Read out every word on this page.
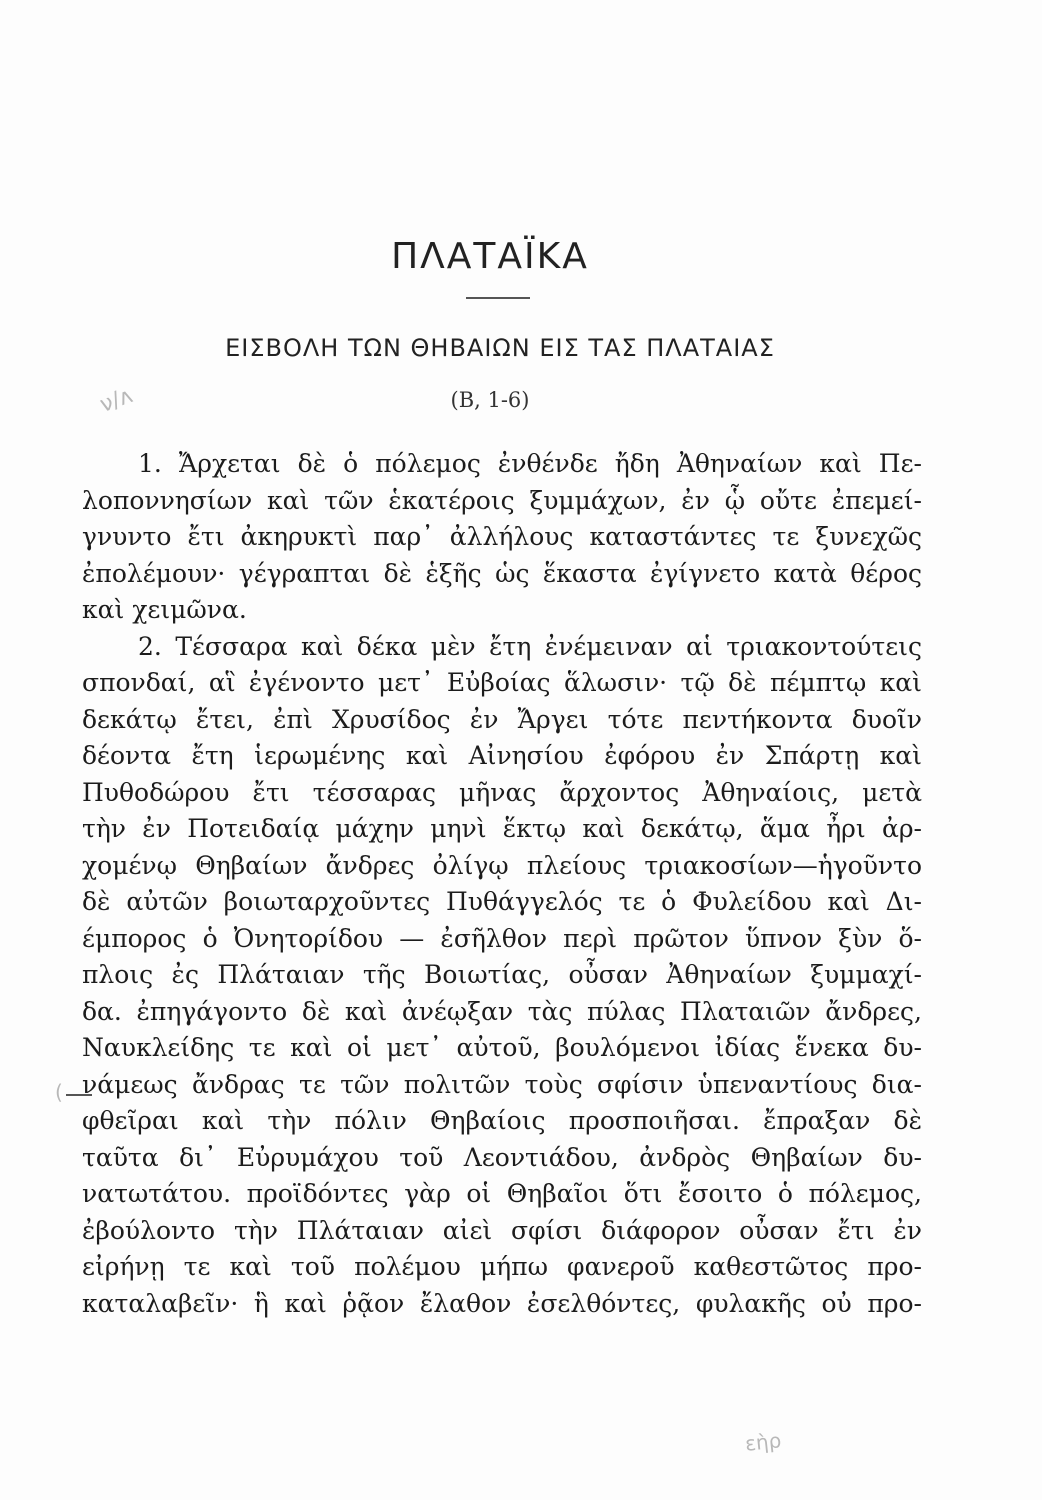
ΠΛΑΤΑΪΚΑ
ΕΙΣΒΟΛΗ ΤΩΝ ΘΗΒΑΙΩΝ ΕΙΣ ΤΑΣ ΠΛΑΤΑΙΑΣ
(Β, 1-6)
ν/ʌ
(
εὴρ
1. Ἄρχεται δὲ ὁ πόλεμος ἐνθένδε ἤδη Ἀθηναίων καὶ Πε-
λοποννησίων καὶ τῶν ἑκατέροις ξυμμάχων, ἐν ᾧ οὔτε ἐπεμεί-
γνυντο ἔτι ἀκηρυκτὶ παρ᾽ ἀλλήλους καταστάντες τε ξυνεχῶς
ἐπολέμουν· γέγραπται δὲ ἑξῆς ὡς ἕκαστα ἐγίγνετο κατὰ θέρος
καὶ χειμῶνα.
2. Τέσσαρα καὶ δέκα μὲν ἔτη ἐνέμειναν αἱ τριακοντούτεις
σπονδαί, αἳ ἐγένοντο μετ᾽ Εὐβοίας ἅλωσιν· τῷ δὲ πέμπτῳ καὶ
δεκάτῳ ἔτει, ἐπὶ Χρυσίδος ἐν Ἄργει τότε πεντήκοντα δυοῖν
δέοντα ἔτη ἱερωμένης καὶ Αἰνησίου ἐφόρου ἐν Σπάρτῃ καὶ
Πυθοδώρου ἔτι τέσσαρας μῆνας ἄρχοντος Ἀθηναίοις, μετὰ
τὴν ἐν Ποτειδαίᾳ μάχην μηνὶ ἕκτῳ καὶ δεκάτῳ, ἅμα ἦρι ἀρ-
χομένῳ Θηβαίων ἄνδρες ὀλίγῳ πλείους τριακοσίων—ἡγοῦντο
δὲ αὐτῶν βοιωταρχοῦντες Πυθάγγελός τε ὁ Φυλείδου καὶ Δι-
έμπορος ὁ Ὀνητορίδου — ἐσῆλθον περὶ πρῶτον ὕπνον ξὺν ὅ-
πλοις ἐς Πλάταιαν τῆς Βοιωτίας, οὖσαν Ἀθηναίων ξυμμαχί-
δα. ἐπηγάγοντο δὲ καὶ ἀνέῳξαν τὰς πύλας Πλαταιῶν ἄνδρες,
Ναυκλείδης τε καὶ οἱ μετ᾽ αὐτοῦ, βουλόμενοι ἰδίας ἕνεκα δυ-
νάμεως ἄνδρας τε τῶν πολιτῶν τοὺς σφίσιν ὑπεναντίους δια-
φθεῖραι καὶ τὴν πόλιν Θηβαίοις προσποιῆσαι. ἔπραξαν δὲ
ταῦτα δι᾽ Εὐρυμάχου τοῦ Λεοντιάδου, ἀνδρὸς Θηβαίων δυ-
νατωτάτου. προϊδόντες γὰρ οἱ Θηβαῖοι ὅτι ἔσοιτο ὁ πόλεμος,
ἐβούλοντο τὴν Πλάταιαν αἰεὶ σφίσι διάφορον οὖσαν ἔτι ἐν
εἰρήνῃ τε καὶ τοῦ πολέμου μήπω φανεροῦ καθεστῶτος προ-
καταλαβεῖν· ἣ καὶ ῥᾷον ἔλαθον ἐσελθόντες, φυλακῆς οὐ προ-
